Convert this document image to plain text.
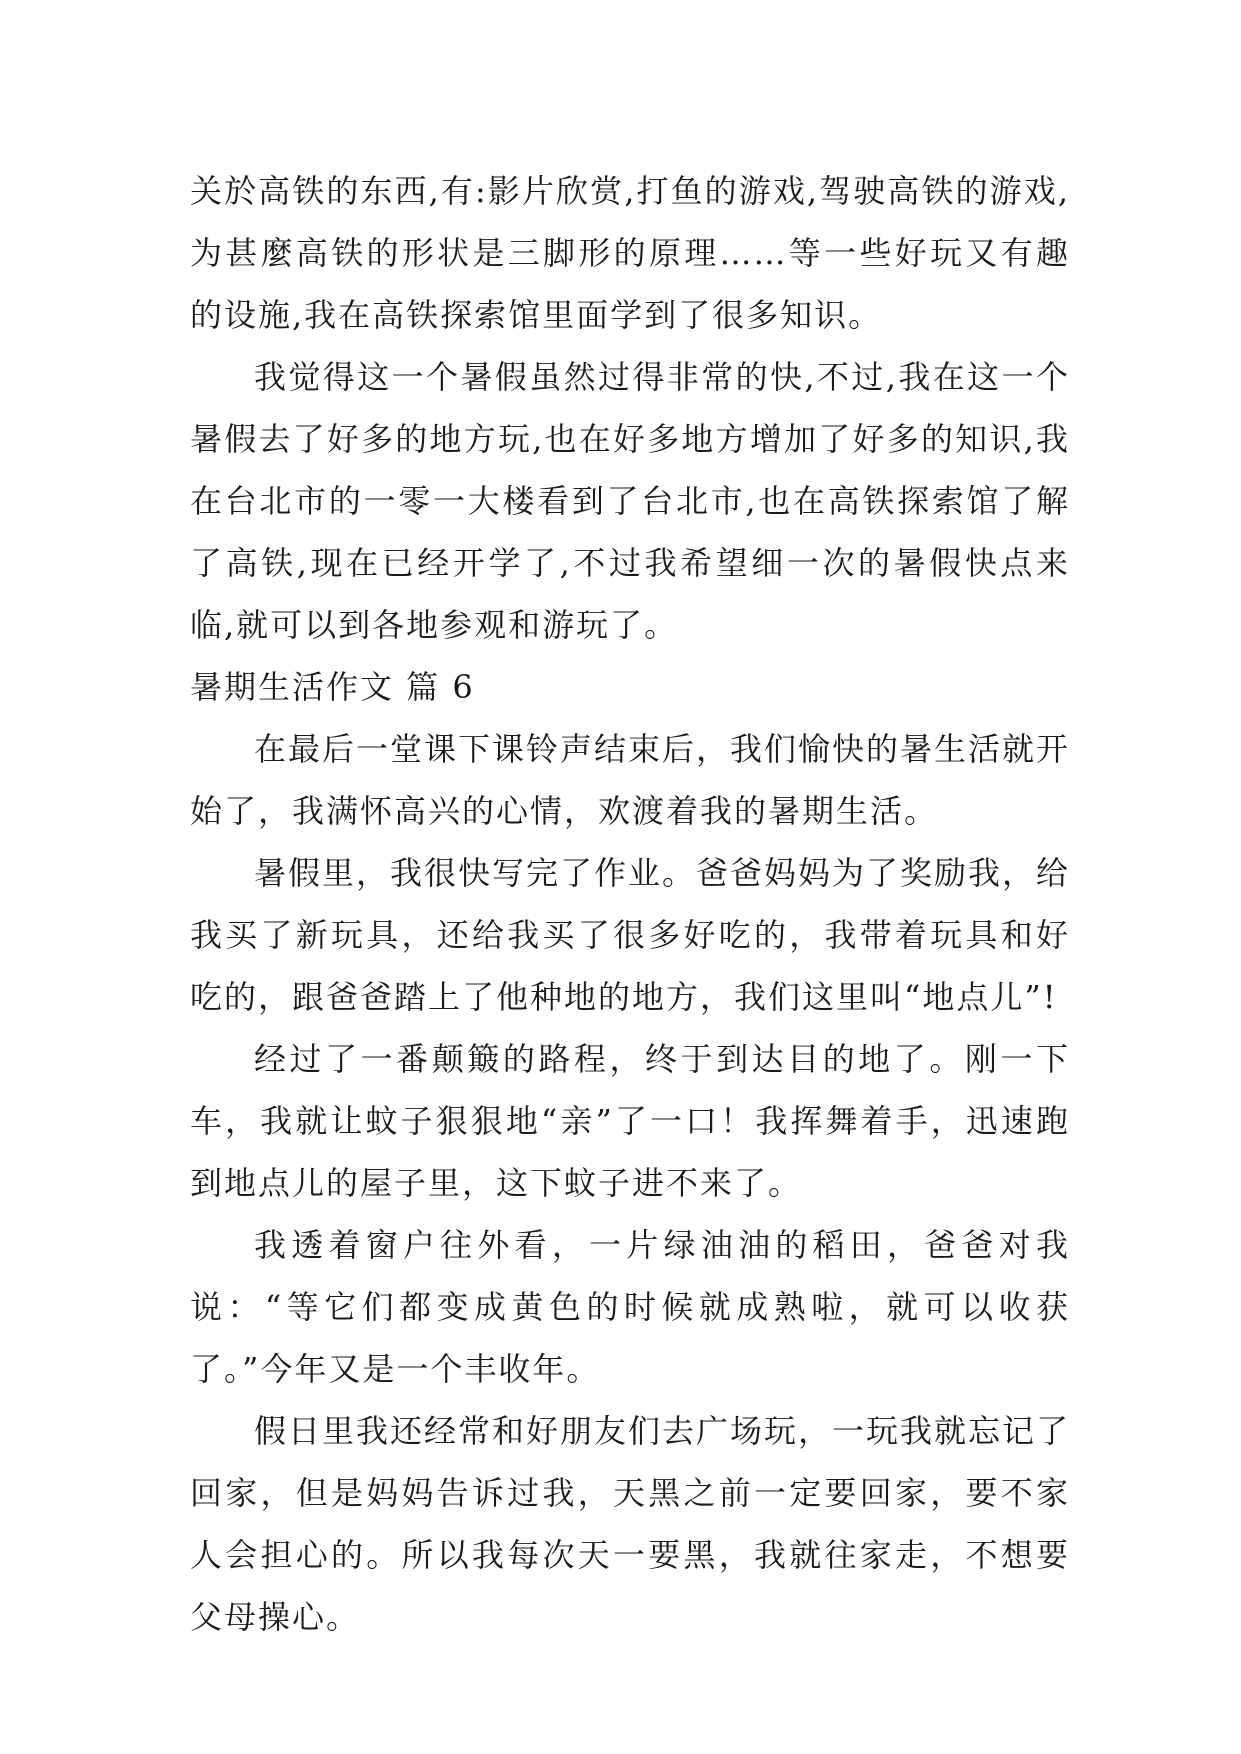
关於高铁的东西,有:影片欣赏,打鱼的游戏,驾驶高铁的游戏,为甚麼高铁的形状是三脚形的原理……等一些好玩又有趣的设施,我在高铁探索馆里面学到了很多知识。

我觉得这一个暑假虽然过得非常的快,不过,我在这一个暑假去了好多的地方玩,也在好多地方增加了好多的知识,我在台北市的一零一大楼看到了台北市,也在高铁探索馆了解了高铁,现在已经开学了,不过我希望细一次的暑假快点来临,就可以到各地参观和游玩了。

暑期生活作文 篇 6

在最后一堂课下课铃声结束后，我们愉快的暑生活就开始了，我满怀高兴的心情，欢渡着我的暑期生活。

暑假里，我很快写完了作业。爸爸妈妈为了奖励我，给我买了新玩具，还给我买了很多好吃的，我带着玩具和好吃的，跟爸爸踏上了他种地的地方，我们这里叫“地点儿”!

经过了一番颠簸的路程，终于到达目的地了。刚一下车，我就让蚊子狠狠地“亲”了一口！我挥舞着手，迅速跑到地点儿的屋子里，这下蚊子进不来了。

我透着窗户往外看，一片绿油油的稻田，爸爸对我说：“等它们都变成黄色的时候就成熟啦，就可以收获了。”今年又是一个丰收年。

假日里我还经常和好朋友们去广场玩，一玩我就忘记了回家，但是妈妈告诉过我，天黑之前一定要回家，要不家人会担心的。所以我每次天一要黑，我就往家走，不想要父母操心。
